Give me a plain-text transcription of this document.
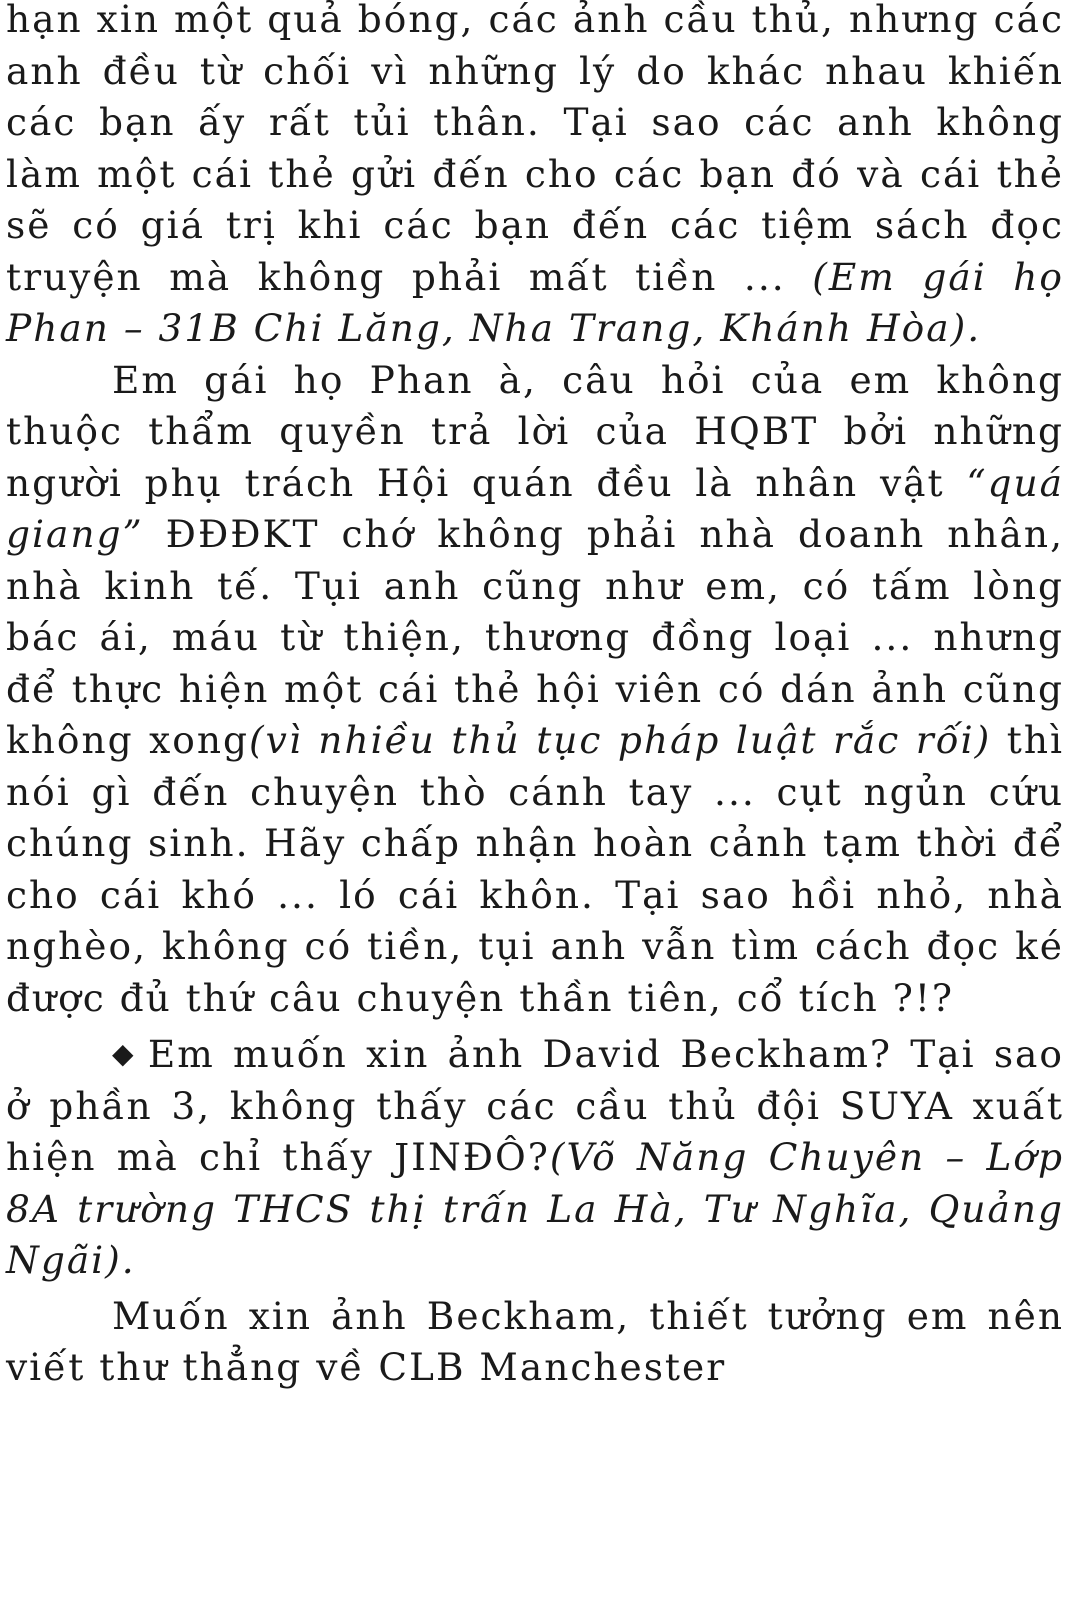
hạn xin một quả bóng, các ảnh cầu thủ, nhưng các anh đều từ chối vì những lý do khác nhau khiến các bạn ấy rất tủi thân. Tại sao các anh không làm một cái thẻ gửi đến cho các bạn đó và cái thẻ sẽ có giá trị khi các bạn đến các tiệm sách đọc truyện mà không phải mất tiền ... (Em gái họ Phan – 31B Chi Lăng, Nha Trang, Khánh Hòa).

Em gái họ Phan à, câu hỏi của em không thuộc thẩm quyền trả lời của HQBT bởi những người phụ trách Hội quán đều là nhân vật “quá giang” ĐĐĐKT chớ không phải nhà doanh nhân, nhà kinh tế. Tụi anh cũng như em, có tấm lòng bác ái, máu từ thiện, thương đồng loại ... nhưng để thực hiện một cái thẻ hội viên có dán ảnh cũng không xong(vì nhiều thủ tục pháp luật rắc rối) thì nói gì đến chuyện thò cánh tay ... cụt ngủn cứu chúng sinh. Hãy chấp nhận hoàn cảnh tạm thời để cho cái khó ... ló cái khôn. Tại sao hồi nhỏ, nhà nghèo, không có tiền, tụi anh vẫn tìm cách đọc ké được đủ thứ câu chuyện thần tiên, cổ tích ?!?

◆ Em muốn xin ảnh David Beckham? Tại sao ở phần 3, không thấy các cầu thủ đội SUYA xuất hiện mà chỉ thấy JINĐÔ?(Võ Năng Chuyên – Lớp 8A trường THCS thị trấn La Hà, Tư Nghĩa, Quảng Ngãi).

Muốn xin ảnh Beckham, thiết tưởng em nên viết thư thẳng về CLB Manchester
